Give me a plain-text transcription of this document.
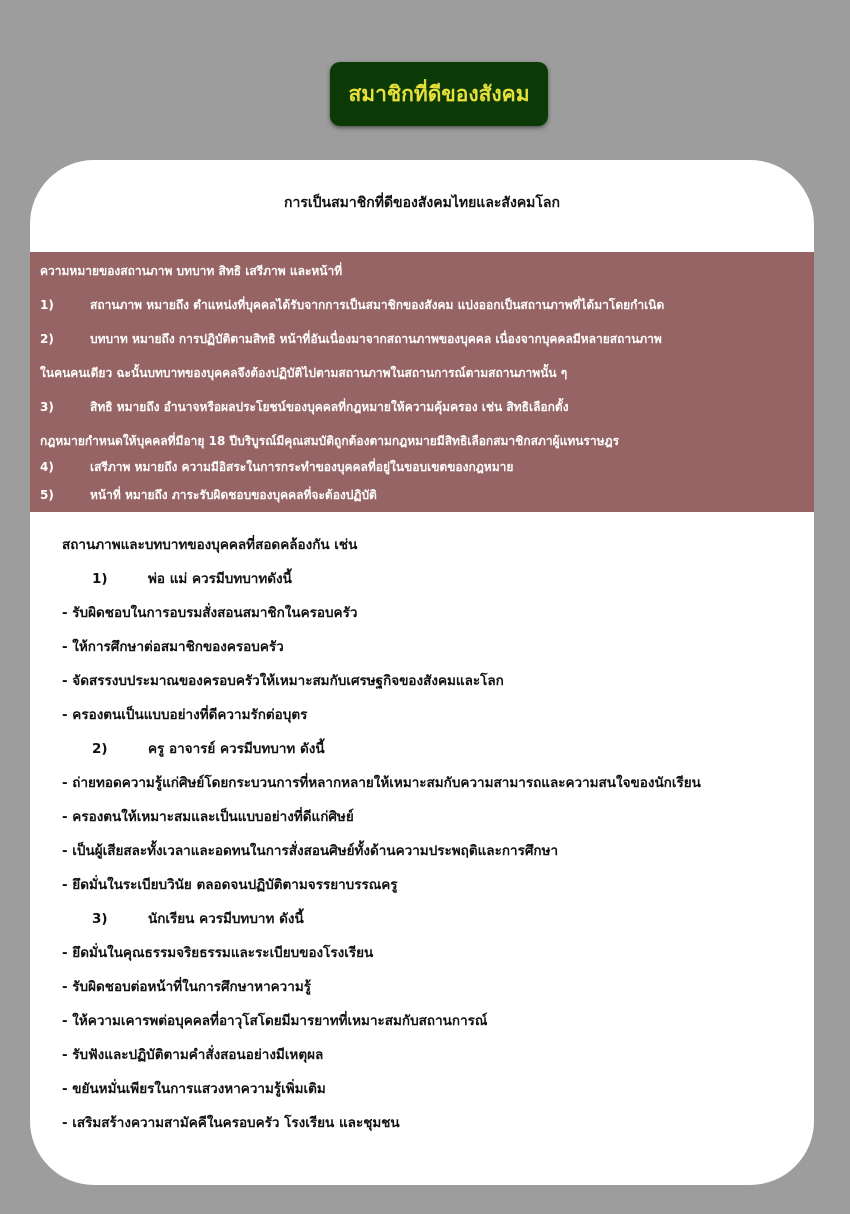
สมาชิกที่ดีของสังคม
การเป็นสมาชิกที่ดีของสังคมไทยและสังคมโลก
ความหมายของสถานภาพ บทบาท สิทธิ เสรีภาพ และหน้าที่
1)	สถานภาพ หมายถึง ตำแหน่งที่บุคคลได้รับจากการเป็นสมาชิกของสังคม แบ่งออกเป็นสถานภาพที่ได้มาโดยกำเนิด
2)	บทบาท หมายถึง การปฏิบัติตามสิทธิ หน้าที่อันเนื่องมาจากสถานภาพของบุคคล เนื่องจากบุคคลมีหลายสถานภาพ
ในคนคนเดียว ฉะนั้นบทบาทของบุคคลจึงต้องปฏิบัติไปตามสถานภาพในสถานการณ์ตามสถานภาพนั้น ๆ
3)	สิทธิ หมายถึง อำนาจหรือผลประโยชน์ของบุคคลที่กฎหมายให้ความคุ้มครอง เช่น สิทธิเลือกตั้ง
กฎหมายกำหนดให้บุคคลที่มีอายุ 18 ปีบริบูรณ์มีคุณสมบัติถูกต้องตามกฎหมายมีสิทธิเลือกสมาชิกสภาผู้แทนราษฎร
4)	เสรีภาพ หมายถึง ความมีอิสระในการกระทำของบุคคลที่อยู่ในขอบเขตของกฎหมาย
5)	หน้าที่ หมายถึง ภาระรับผิดชอบของบุคคลที่จะต้องปฏิบัติ
สถานภาพและบทบาทของบุคคลที่สอดคล้องกัน เช่น
1)	พ่อ แม่ ควรมีบทบาทดังนี้
- รับผิดชอบในการอบรมสั่งสอนสมาชิกในครอบครัว
- ให้การศึกษาต่อสมาชิกของครอบครัว
- จัดสรรงบประมาณของครอบครัวให้เหมาะสมกับเศรษฐกิจของสังคมและโลก
- ครองตนเป็นแบบอย่างที่ดีความรักต่อบุตร
2)	ครู อาจารย์ ควรมีบทบาท ดังนี้
- ถ่ายทอดความรู้แก่ศิษย์โดยกระบวนการที่หลากหลายให้เหมาะสมกับความสามารถและความสนใจของนักเรียน
- ครองตนให้เหมาะสมและเป็นแบบอย่างที่ดีแก่ศิษย์
- เป็นผู้เสียสละทั้งเวลาและอดทนในการสั่งสอนศิษย์ทั้งด้านความประพฤติและการศึกษา
- ยึดมั่นในระเบียบวินัย ตลอดจนปฏิบัติตามจรรยาบรรณครู
3)	นักเรียน ควรมีบทบาท ดังนี้
- ยึดมั่นในคุณธรรมจริยธรรมและระเบียบของโรงเรียน
- รับผิดชอบต่อหน้าที่ในการศึกษาหาความรู้
- ให้ความเคารพต่อบุคคลที่อาวุโสโดยมีมารยาทที่เหมาะสมกับสถานการณ์
- รับฟังและปฏิบัติตามคำสั่งสอนอย่างมีเหตุผล
- ขยันหมั่นเพียรในการแสวงหาความรู้เพิ่มเติม
- เสริมสร้างความสามัคคีในครอบครัว โรงเรียน และชุมชน
